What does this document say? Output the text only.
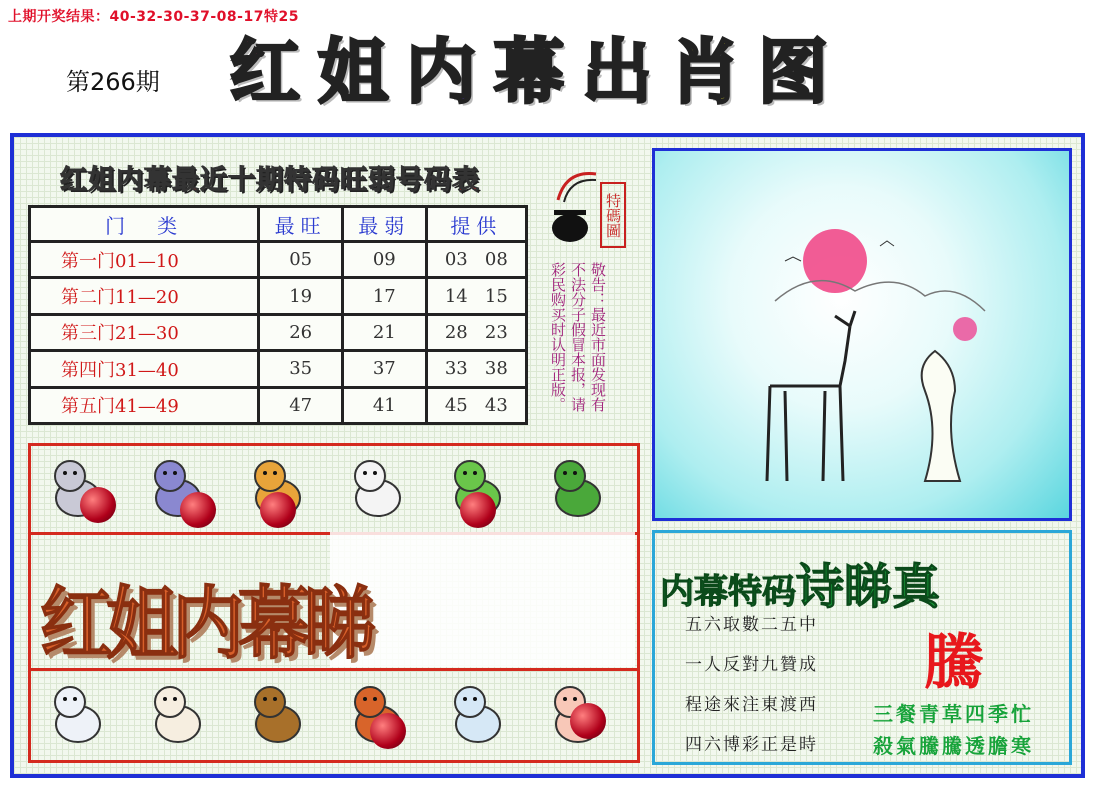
上期开奖结果：40-32-30-37-08-17特25
第266期 红 姐 内 幕 出 肖 图
红姐内幕最近十期特码旺弱号码表
门　类	最旺	最弱	提供
第一门01—10	05	09	03 08
第二门11—20	19	17	14 15
第三门21—30	26	21	28 23
第四门31—40	35	37	33 38
第五门41—49	47	41	45 43
特碼圖
敬告：最近市面发现有不法分子假冒本报，请彩民购买时认明正版。
红姐内幕睇	内幕特码诗睇真
五六取數二五中
一人反對九贊成
程途來注東渡西
四六博彩正是時
騰
三餐青草四季忙
殺氣騰騰透膽寒
